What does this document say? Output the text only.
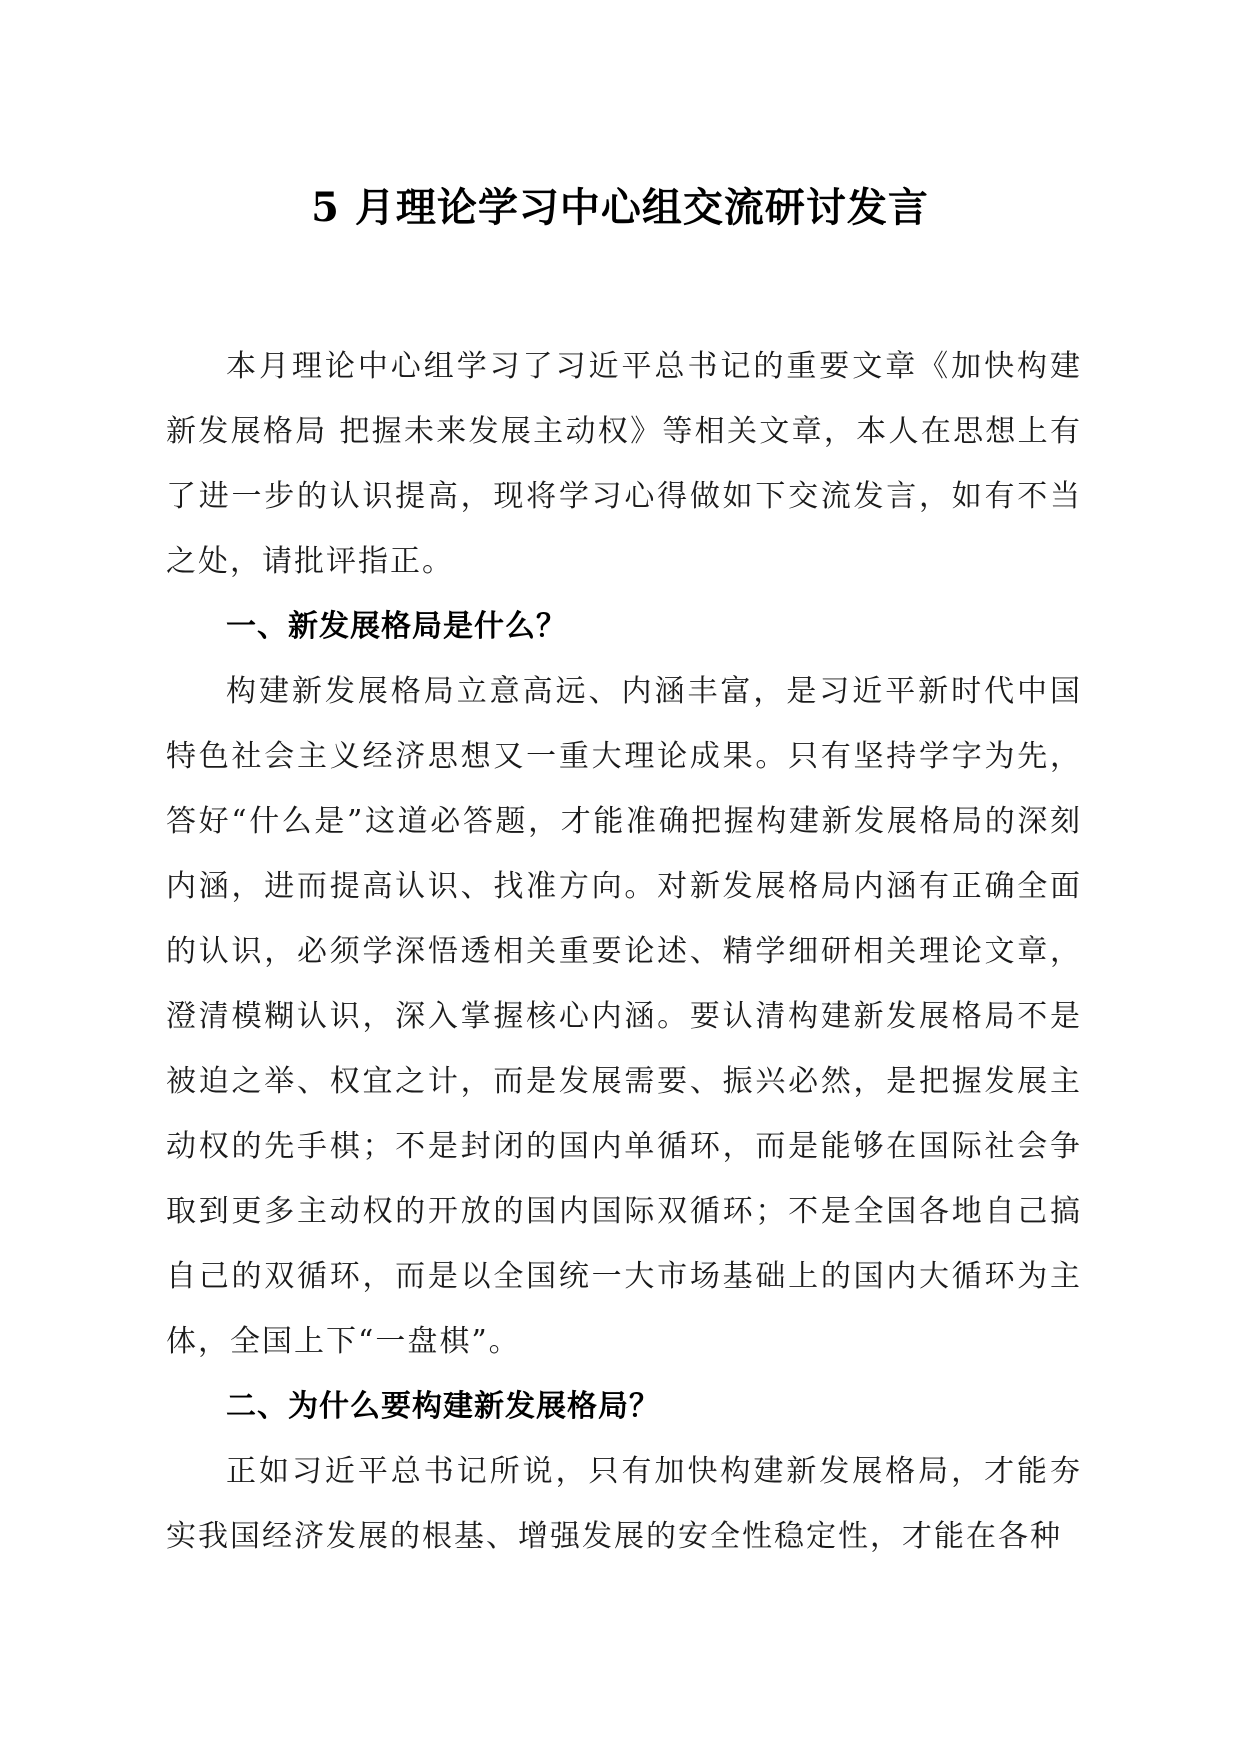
5 月理论学习中心组交流研讨发言

本月理论中心组学习了习近平总书记的重要文章《加快构建新发展格局 把握未来发展主动权》等相关文章，本人在思想上有了进一步的认识提高，现将学习心得做如下交流发言，如有不当之处，请批评指正。

一、新发展格局是什么？

构建新发展格局立意高远、内涵丰富，是习近平新时代中国特色社会主义经济思想又一重大理论成果。只有坚持学字为先，答好“什么是”这道必答题，才能准确把握构建新发展格局的深刻内涵，进而提高认识、找准方向。对新发展格局内涵有正确全面的认识，必须学深悟透相关重要论述、精学细研相关理论文章，澄清模糊认识，深入掌握核心内涵。要认清构建新发展格局不是被迫之举、权宜之计，而是发展需要、振兴必然，是把握发展主动权的先手棋；不是封闭的国内单循环，而是能够在国际社会争取到更多主动权的开放的国内国际双循环；不是全国各地自己搞自己的双循环，而是以全国统一大市场基础上的国内大循环为主体，全国上下“一盘棋”。

二、为什么要构建新发展格局？

正如习近平总书记所说，只有加快构建新发展格局，才能夯实我国经济发展的根基、增强发展的安全性稳定性，才能在各种
